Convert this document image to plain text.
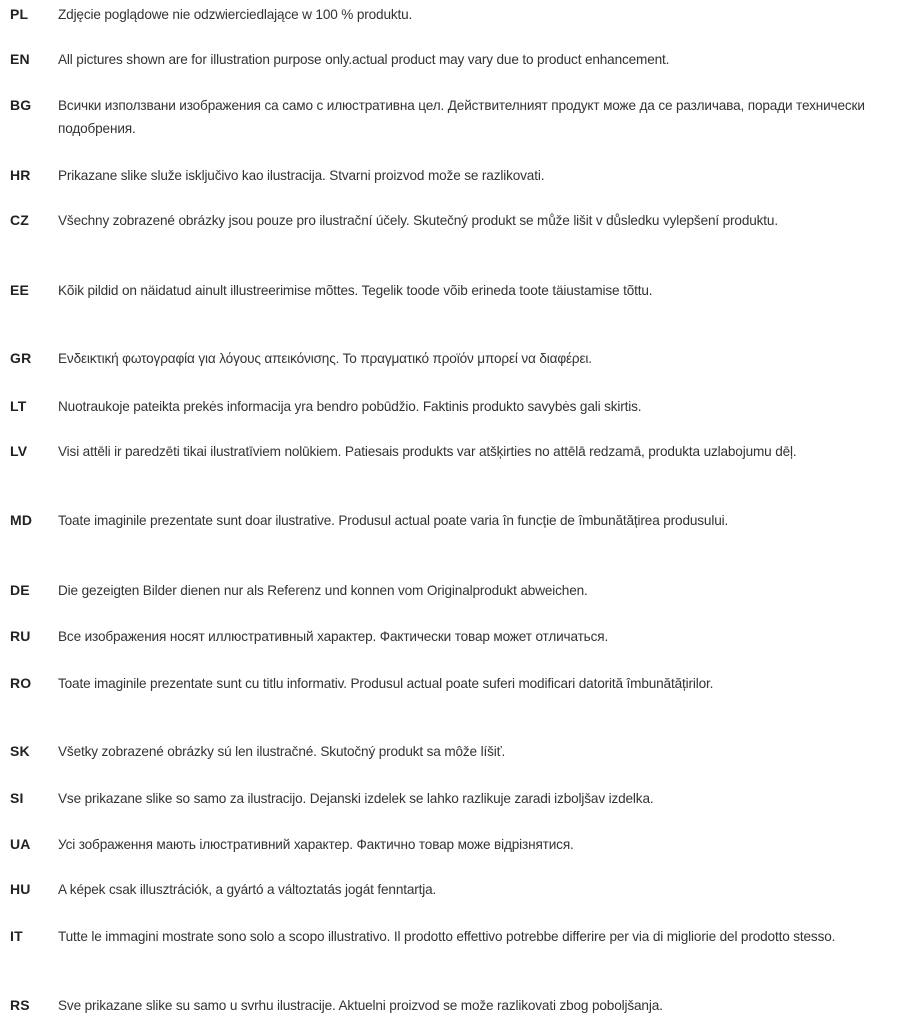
PL Zdjęcie poglądowe nie odzwierciedlające w 100 % produktu.
EN All pictures shown are for illustration purpose only.actual product may vary due to product enhancement.
BG Всички използвани изображения са само с илюстративна цел. Действителният продукт може да се различава, поради технически подобрения.
HR Prikazane slike služe isključivo kao ilustracija. Stvarni proizvod može se razlikovati.
CZ Všechny zobrazené obrázky jsou pouze pro ilustrační účely. Skutečný produkt se může lišit v důsledku vylepšení produktu.
EE Kõik pildid on näidatud ainult illustreerimise mõttes. Tegelik toode võib erineda toote täiustamise tõttu.
GR Ενδεικτική φωτογραφία για λόγους απεικόνισης. Το πραγματικό προϊόν μπορεί να διαφέρει.
LT Nuotraukoje pateikta prekės informacija yra bendro pobūdžio. Faktinis produkto savybės gali skirtis.
LV Visi attēli ir paredzēti tikai ilustratīviem nolūkiem. Patiesais produkts var atšķirties no attēlā redzamā, produkta uzlabojumu dēļ.
MD Toate imaginile prezentate sunt doar ilustrative. Produsul actual poate varia în funcție de îmbunătățirea produsului.
DE Die gezeigten Bilder dienen nur als Referenz und konnen vom Originalprodukt abweichen.
RU Все изображения носят иллюстративный характер. Фактически товар может отличаться.
RO Toate imaginile prezentate sunt cu titlu informativ. Produsul actual poate suferi modificari datorită îmbunătățirilor.
SK Všetky zobrazené obrázky sú len ilustračné. Skutočný produkt sa môže líšiť.
SI	Vse prikazane slike so samo za ilustracijo. Dejanski izdelek se lahko razlikuje zaradi izboljšav izdelka.
UA Усі зображення мають ілюстративний характер. Фактично товар може відрізнятися.
HU A képek csak illusztrációk, a gyártó a változtatás jogát fenntartja.
IT	Tutte le immagini mostrate sono solo a scopo illustrativo. Il prodotto effettivo potrebbe differire per via di migliorie del prodotto stesso.
RS Sve prikazane slike su samo u svrhu ilustracije. Aktuelni proizvod se može razlikovati zbog poboljšanja.
